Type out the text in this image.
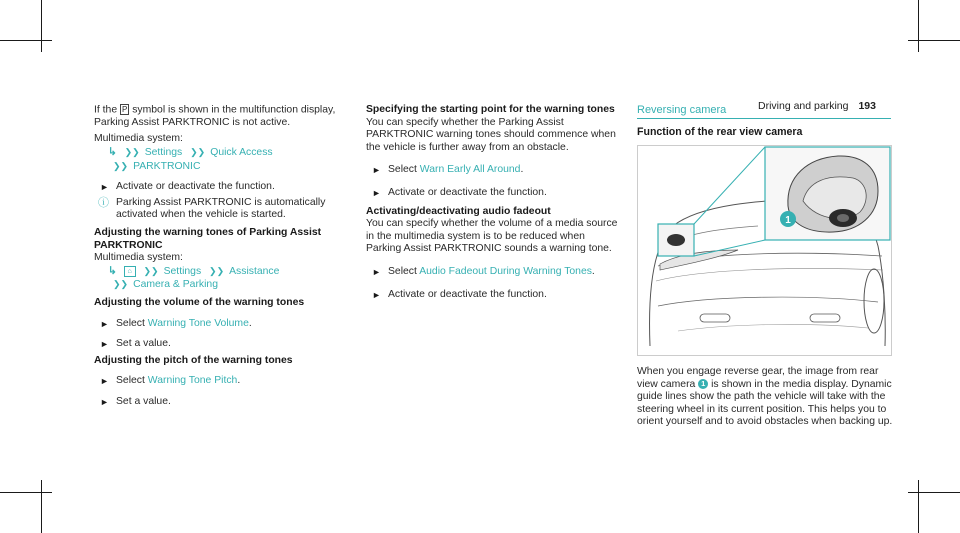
Driving and parking 193

If the P symbol is shown in the multifunction display, Parking Assist PARKTRONIC is not active.

Multimedia system:

↳ ❯❯ Settings ❯❯ Quick Access

❯❯ PARKTRONIC

► Activate or deactivate the function.

ⓘ Parking Assist PARKTRONIC is automatically activated when the vehicle is started.

Adjusting the warning tones of Parking Assist PARKTRONIC

Multimedia system:

↳ ⌂ ❯❯ Settings ❯❯ Assistance

❯❯ Camera & Parking

Adjusting the volume of the warning tones

► Select Warning Tone Volume.

► Set a value.

Adjusting the pitch of the warning tones

► Select Warning Tone Pitch.

► Set a value.

Specifying the starting point for the warning tones

You can specify whether the Parking Assist PARKTRONIC warning tones should commence when the vehicle is further away from an obstacle.

► Select Warn Early All Around.

► Activate or deactivate the function.

Activating/deactivating audio fadeout

You can specify whether the volume of a media source in the multimedia system is to be reduced when Parking Assist PARKTRONIC sounds a warning tone.

► Select Audio Fadeout During Warning Tones.

► Activate or deactivate the function.

Reversing camera
Function of the rear view camera
1

When you engage reverse gear, the image from rear view camera 1 is shown in the media display. Dynamic guide lines show the path the vehicle will take with the steering wheel in its current position. This helps you to orient yourself and to avoid obstacles when backing up.
